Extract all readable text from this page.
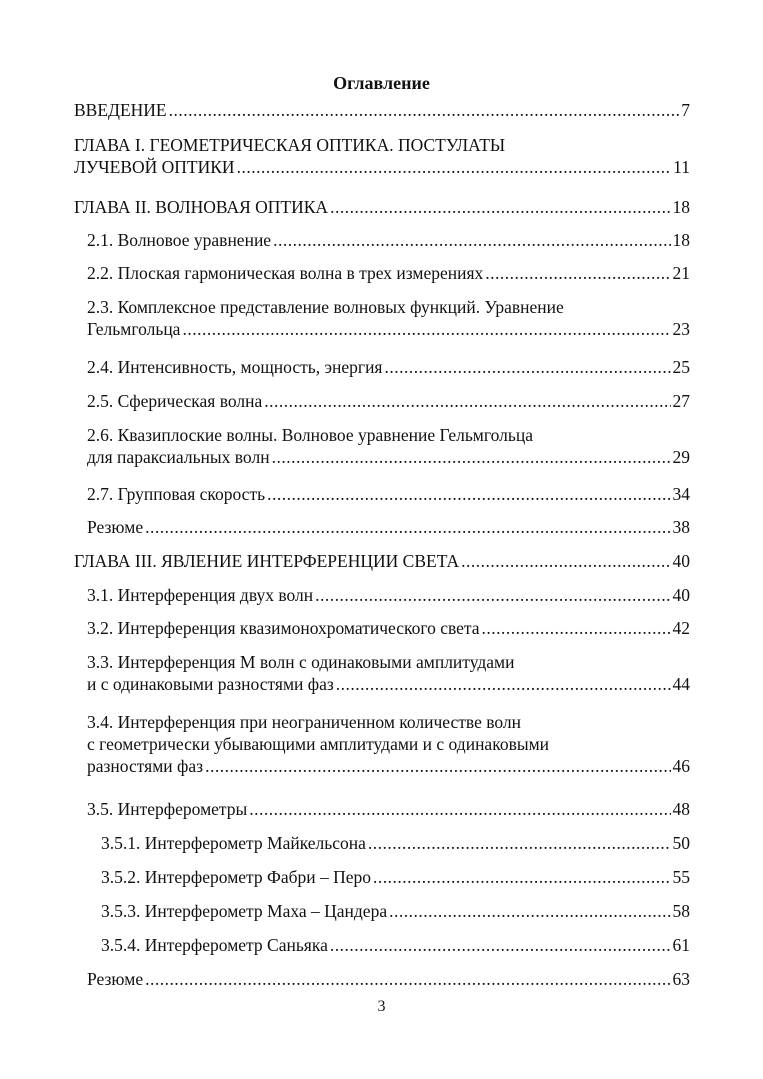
Оглавление
ВВЕДЕНИЕ .....	7
ГЛАВА I. ГЕОМЕТРИЧЕСКАЯ ОПТИКА. ПОСТУЛАТЫ
ЛУЧЕВОЙ ОПТИКИ .....	11
ГЛАВА II. ВОЛНОВАЯ ОПТИКА .....	18
2.1. Волновое уравнение .....	18
2.2. Плоская гармоническая волна в трех измерениях .....	21
2.3. Комплексное представление волновых функций. Уравнение
Гельмгольца .....	23
2.4. Интенсивность, мощность, энергия .....	25
2.5. Сферическая волна .....	27
2.6. Квазиплоские волны. Волновое уравнение Гельмгольца
для параксиальных волн .....	29
2.7. Групповая скорость .....	34
Резюме .....	38
ГЛАВА III. ЯВЛЕНИЕ ИНТЕРФЕРЕНЦИИ СВЕТА .....	40
3.1. Интерференция двух волн .....	40
3.2. Интерференция квазимонохроматического света .....	42
3.3. Интерференция M волн с одинаковыми амплитудами
и с одинаковыми разностями фаз .....	44
3.4. Интерференция при неограниченном количестве волн
с геометрически убывающими амплитудами и с одинаковыми
разностями фаз .....	46
3.5. Интерферометры .....	48
3.5.1. Интерферометр Майкельсона .....	50
3.5.2. Интерферометр Фабри – Перо .....	55
3.5.3. Интерферометр Маха – Цандера .....	58
3.5.4. Интерферометр Саньяка .....	61
Резюме .....	63
3
